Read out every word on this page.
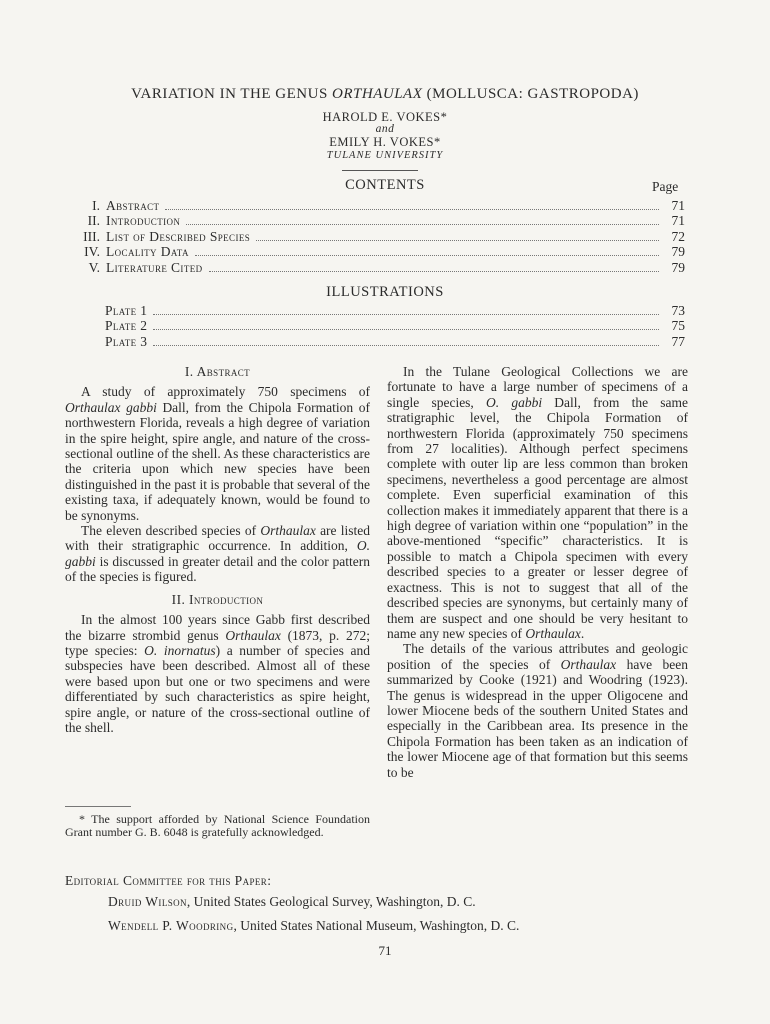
VARIATION IN THE GENUS ORTHAULAX (MOLLUSCA: GASTROPODA)
HAROLD E. VOKES*
and
EMILY H. VOKES*
TULANE UNIVERSITY
CONTENTS	Page
I. Abstract	71
II. Introduction	71
III. List of Described Species	72
IV. Locality Data	79
V. Literature Cited	79
ILLUSTRATIONS
Plate 1	73
Plate 2	75
Plate 3	77
I. Abstract

A study of approximately 750 specimens of Orthaulax gabbi Dall, from the Chipola Formation of northwestern Florida, reveals a high degree of variation in the spire height, spire angle, and nature of the cross-sectional outline of the shell. As these characteristics are the criteria upon which new species have been distinguished in the past it is probable that several of the existing taxa, if adequately known, would be found to be synonyms.

The eleven described species of Orthaulax are listed with their stratigraphic occurrence. In addition, O. gabbi is discussed in greater detail and the color pattern of the species is figured.

II. Introduction

In the almost 100 years since Gabb first described the bizarre strombid genus Orthaulax (1873, p. 272; type species: O. inornatus) a number of species and subspecies have been described. Almost all of these were based upon but one or two specimens and were differentiated by such characteristics as spire height, spire angle, or nature of the cross-sectional outline of the shell.

* The support afforded by National Science Foundation Grant number G. B. 6048 is gratefully acknowledged.

In the Tulane Geological Collections we are fortunate to have a large number of specimens of a single species, O. gabbi Dall, from the same stratigraphic level, the Chipola Formation of northwestern Florida (approximately 750 specimens from 27 localities). Although perfect specimens complete with outer lip are less common than broken specimens, nevertheless a good percentage are almost complete. Even superficial examination of this collection makes it immediately apparent that there is a high degree of variation within one “population” in the above-mentioned “specific” characteristics. It is possible to match a Chipola specimen with every described species to a greater or lesser degree of exactness. This is not to suggest that all of the described species are synonyms, but certainly many of them are suspect and one should be very hesitant to name any new species of Orthaulax.

The details of the various attributes and geologic position of the species of Orthaulax have been summarized by Cooke (1921) and Woodring (1923). The genus is widespread in the upper Oligocene and lower Miocene beds of the southern United States and especially in the Caribbean area. Its presence in the Chipola Formation has been taken as an indication of the lower Miocene age of that formation but this seems to be

Editorial Committee for this Paper:
Druid Wilson, United States Geological Survey, Washington, D. C.
Wendell P. Woodring, United States National Museum, Washington, D. C.
71
